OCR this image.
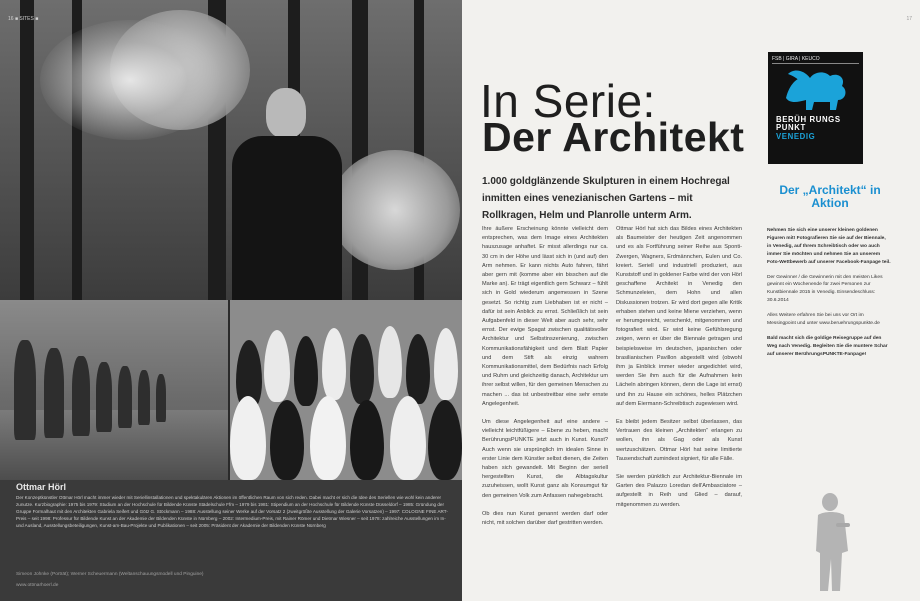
16 ■ SITES ■	17
Ottmar Hörl
Der Konzeptkünstler Ottmar Hörl macht immer wieder mit Seriellinstallationen und spektakulären Aktionen im öffentlichen Raum von sich reden. Dabei macht er sich die Idee des Seriellen wie wohl kein anderer zunutze. Kurzbiographie: 1975 bis 1979: Studium an der Hochschule für Bildende Künste Städelschule Ffm – 1979 bis 1981: Stipendium an der Hochschule für Bildende Künste Düsseldorf – 1985: Gründung der Gruppe Formalhaut mit den Architekten Gabriela Seifert und Götz G. Stöckmann – 1988: Ausstellung seiner Werke auf der Vorsatz 2 (zweitgrößte Ausstellung der Galerie Vorsatzen) – 1997: COLOGNE FINE ART-Preis – seit 1998: Professur für Bildende Kunst an der Akademie der Bildenden Künste in Nürnberg – 2002: Intermedium-Preis, mit Rainer Römer und Dietmar Wiesner – seit 1978: zahlreiche Ausstellungen im In- und Ausland, Ausstellungsbeteiligungen, Kunst-am-Bau-Projekte und Publikationen – seit 2005: Präsident der Akademie der Bildenden Künste Nürnberg
Simeon Johnke (Porträt); Werner Scheuermann (Weltanschauungsmodell und Pinguine)
www.ottmarhoerl.de
In Serie:
Der Architekt
1.000 goldglänzende Skulpturen in einem Hochregal inmitten eines venezianischen Gartens – mit Rollkragen, Helm und Planrolle unterm Arm.

Ihre äußere Erscheinung könnte vielleicht dem entsprechen, was dem Image eines Architekten hauszusage anhaftet. Er misst allerdings nur ca. 30 cm in der Höhe und lässt sich in (und auf) den Arm nehmen. Er kann nichts Auto fahren, fährt aber gern mit (komme aber ein bisschen auf die Marke an). Er trägt eigentlich gern Schwarz – fühlt sich in Gold wiederum angemessen in Szene gesetzt. So richtig zum Liebhaben ist er nicht – dafür ist sein Anblick zu ernst. Schließlich ist sein Aufgabenfeld in dieser Welt aber auch sehr, sehr ernst. Der ewige Spagat zwischen qualitätsvoller Architektur und Selbstinszenierung, zwischen Kommunikationsfähigkeit und dem Blatt Papier und dem Stift als einzig wahrem Kommunikationsmittel, dem Bedürfnis nach Erfolg und Ruhm und gleichzeitig danach, Architektur um ihrer selbst willen, für den gemeinen Menschen zu machen ... das ist unbestreitbar eine sehr ernste Angelegenheit.

Um diese Angelegenheit auf eine andere – vielleicht leichtfüßigere – Ebene zu heben, macht BerührungsPUNKTE jetzt auch in Kunst. Kunst? Auch wenn sie ursprünglich im idealen Sinne in erster Linie dem Künstler selbst dienen, die Zeiten haben sich gewandelt. Mit Beginn der seriell hergestellten Kunst, die Albtagskultur zuzuheissen, wollt Kunst ganz als Konsumgut für den gemeinen Volk zum Anfassen nahegebracht.

Ob dies nun Kunst genannt werden darf oder nicht, mit solchen darüber darf gestritten werden.

Ottmar Hörl hat sich das Bildes eines Architekten als Baumeister der heutigen Zeit angenommen und es als Fortführung seiner Reihe aus Sponti-Zwergen, Wagners, Erdmännchen, Eulen und Co. kreiert. Seriell und industriell produziert, aus Kunststoff und in goldener Farbe wird der von Hörl geschaffene Architekt in Venedig den Schmunzeleien, dem Hohn und allen Diskussionen trotzen. Er wird dort gegen alle Kritik erhaben stehen und keine Miene verziehen, wenn er herumgereicht, verschenkt, mitgenommen und fotografiert wird. Er wird keine Gefühlsregung zeigen, wenn er über die Biennale getragen und beispielsweise im deutschen, japanischen oder brasilianischen Pavillon abgestellt wird (obwohl ihm ja Einblick immer wieder angedichtet wird, werden Sie ihm auch für die Aufnahmen kein Lächeln abringen können, denn die Lage ist ernst) und ihn zu Hause ein schönes, helles Plätzchen auf dem Eiermann-Schreibtisch zugewiesen wird.

Es bleibt jedem Besitzer selbst überlassen, das Vertrauen des kleinen „Architekten“ erlangen zu wollen, ihn als Gag oder als Kunst wertzuschätzen. Ottmar Hörl hat seine limitierte Tausendschaft zumindest signiert, für alle Fälle.

Sie werden pünktlich zur Architektur-Biennale im Garten des Palazzo Loredan dell'Ambasciatore – aufgestellt in Reih und Glied – darauf, mitgenommen zu werden.

FSB | GIRA | KEUCO
BERÜH RUNGS PUNKT
VENEDIG
Der „Architekt“ in Aktion

Nehmen Sie sich eine unserer kleinen goldenen Figuren mit! Fotografieren Sie sie auf der Biennale, in Venedig, auf Ihrem Schreibtisch oder wo auch immer Sie möchten und nehmen Sie an unserem Foto-Wettbewerb auf unserer Facebook-Fanpage teil.

Der Gewinner / die Gewinnerin mit den meisten Likes gewinnt ein Wochenende für zwei Personen zur Kunstbiennale 2015 in Venedig. Einsendeschluss: 30.6.2014

Alles Weitere erfahren Sie bei uns vor Ort im Messingpoint und unter www.beruehrungspunkte.de

Bald macht sich die goldige Reisegruppe auf den Weg nach Venedig. Begleiten Sie die muntere Schar auf unserer BerührungsPUNKTE-Fanpage!
